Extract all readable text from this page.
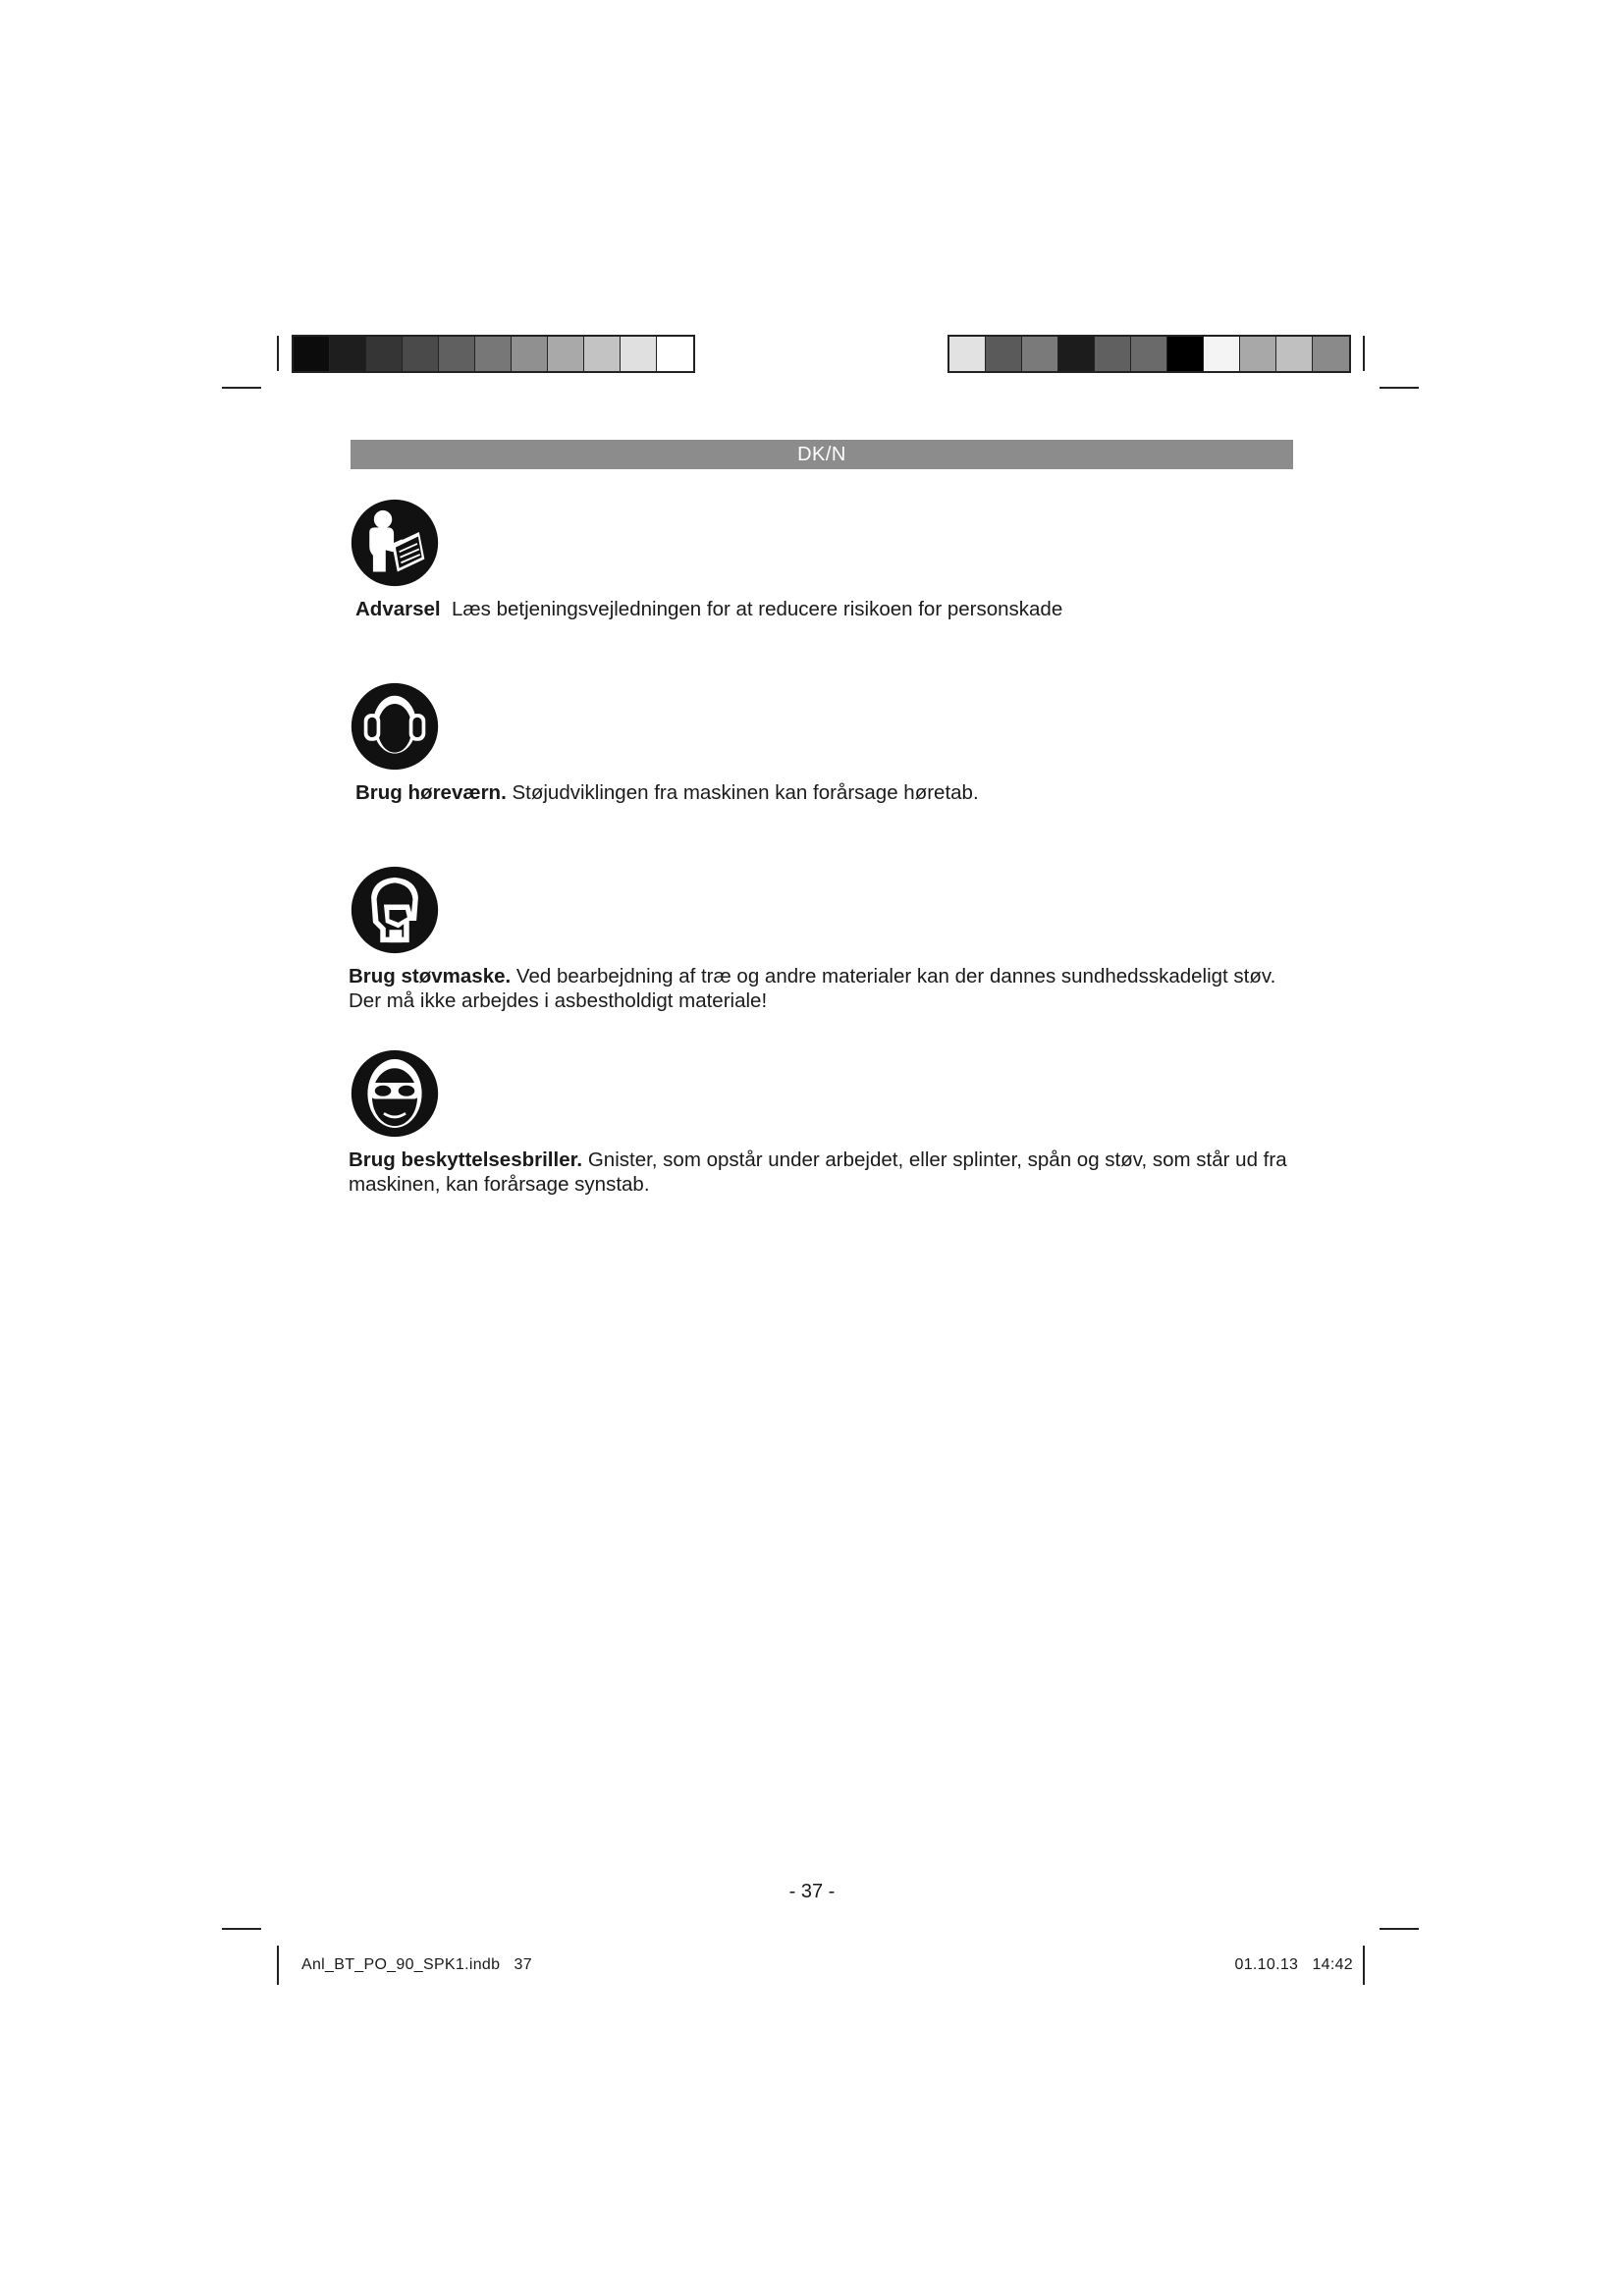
DK/N
Advarsel Læs betjeningsvejledningen for at reducere risikoen for personskade
Brug høreværn. Støjudviklingen fra maskinen kan forårsage høretab.
Brug støvmaske. Ved bearbejdning af træ og andre materialer kan der dannes sundhedsskadeligt støv. Der må ikke arbejdes i asbestholdigt materiale!
Brug beskyttelsesbriller. Gnister, som opstår under arbejdet, eller splinter, spån og støv, som står ud fra maskinen, kan forårsage synstab.
- 37 -
Anl_BT_PO_90_SPK1.indb   37	01.10.13   14:42
